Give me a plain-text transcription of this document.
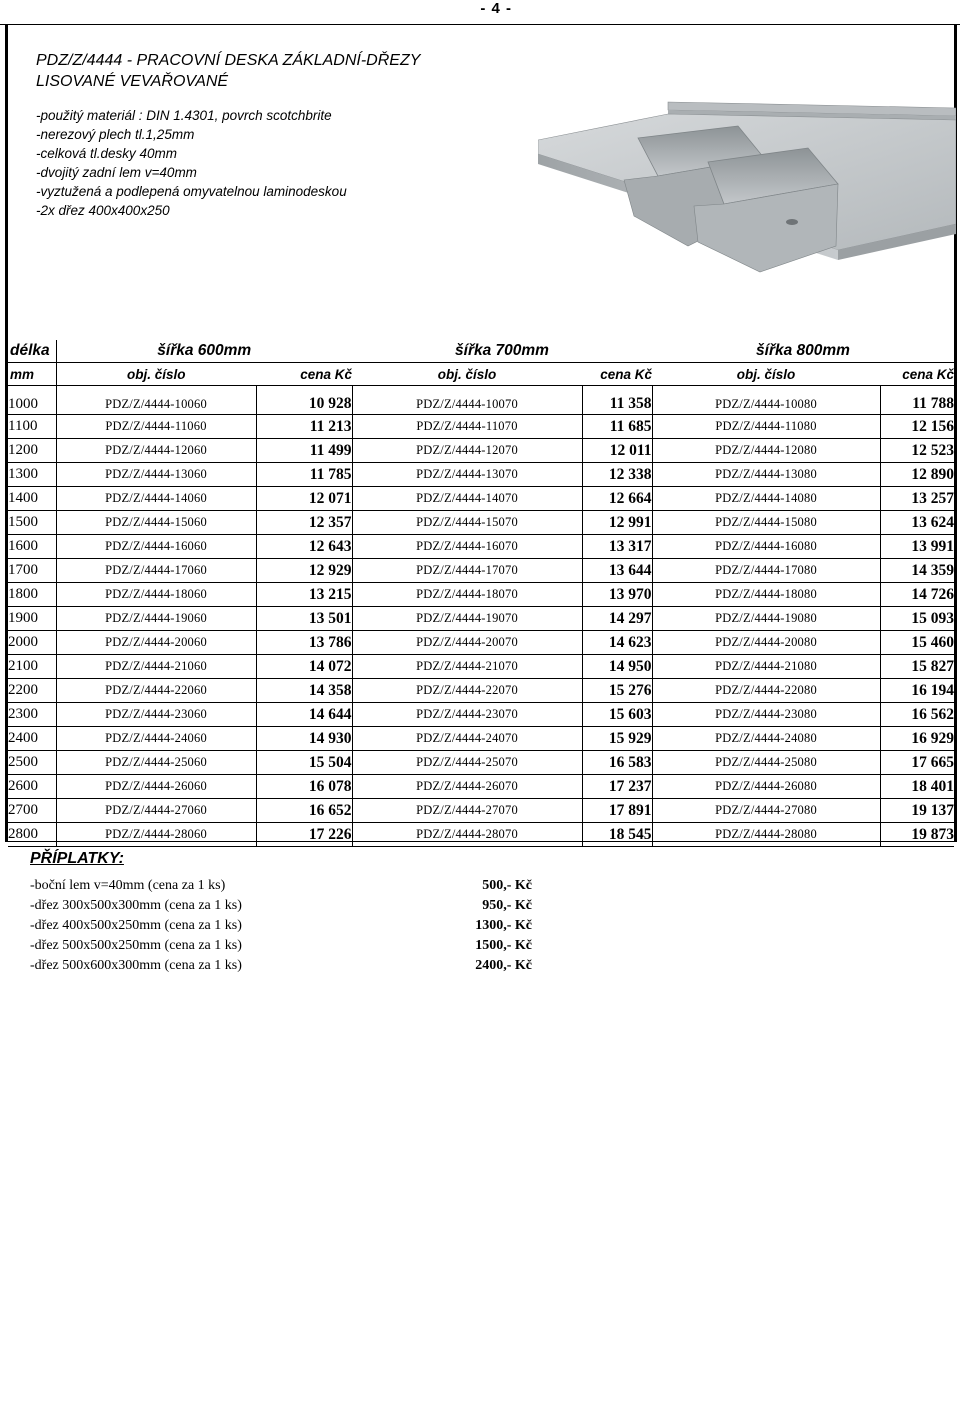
- 4 -
PDZ/Z/4444 - PRACOVNÍ DESKA ZÁKLADNÍ-DŘEZY
LISOVANÉ VEVAŘOVANÉ
-použitý materiál : DIN 1.4301, povrch scotchbrite
-nerezový plech tl.1,25mm
-celková tl.desky 40mm
-dvojitý zadní lem v=40mm
-vyztužená a podlepená omyvatelnou laminodeskou
-2x dřez 400x400x250
délka	šířka 600mm		šířka 700mm		šířka 800mm	
mm	obj. číslo	cena Kč	obj. číslo	cena Kč	obj. číslo	cena Kč
1000	PDZ/Z/4444-10060	10 928	PDZ/Z/4444-10070	11 358	PDZ/Z/4444-10080	11 788
1100	PDZ/Z/4444-11060	11 213	PDZ/Z/4444-11070	11 685	PDZ/Z/4444-11080	12 156
1200	PDZ/Z/4444-12060	11 499	PDZ/Z/4444-12070	12 011	PDZ/Z/4444-12080	12 523
1300	PDZ/Z/4444-13060	11 785	PDZ/Z/4444-13070	12 338	PDZ/Z/4444-13080	12 890
1400	PDZ/Z/4444-14060	12 071	PDZ/Z/4444-14070	12 664	PDZ/Z/4444-14080	13 257
1500	PDZ/Z/4444-15060	12 357	PDZ/Z/4444-15070	12 991	PDZ/Z/4444-15080	13 624
1600	PDZ/Z/4444-16060	12 643	PDZ/Z/4444-16070	13 317	PDZ/Z/4444-16080	13 991
1700	PDZ/Z/4444-17060	12 929	PDZ/Z/4444-17070	13 644	PDZ/Z/4444-17080	14 359
1800	PDZ/Z/4444-18060	13 215	PDZ/Z/4444-18070	13 970	PDZ/Z/4444-18080	14 726
1900	PDZ/Z/4444-19060	13 501	PDZ/Z/4444-19070	14 297	PDZ/Z/4444-19080	15 093
2000	PDZ/Z/4444-20060	13 786	PDZ/Z/4444-20070	14 623	PDZ/Z/4444-20080	15 460
2100	PDZ/Z/4444-21060	14 072	PDZ/Z/4444-21070	14 950	PDZ/Z/4444-21080	15 827
2200	PDZ/Z/4444-22060	14 358	PDZ/Z/4444-22070	15 276	PDZ/Z/4444-22080	16 194
2300	PDZ/Z/4444-23060	14 644	PDZ/Z/4444-23070	15 603	PDZ/Z/4444-23080	16 562
2400	PDZ/Z/4444-24060	14 930	PDZ/Z/4444-24070	15 929	PDZ/Z/4444-24080	16 929
2500	PDZ/Z/4444-25060	15 504	PDZ/Z/4444-25070	16 583	PDZ/Z/4444-25080	17 665
2600	PDZ/Z/4444-26060	16 078	PDZ/Z/4444-26070	17 237	PDZ/Z/4444-26080	18 401
2700	PDZ/Z/4444-27060	16 652	PDZ/Z/4444-27070	17 891	PDZ/Z/4444-27080	19 137
2800	PDZ/Z/4444-28060	17 226	PDZ/Z/4444-28070	18 545	PDZ/Z/4444-28080	19 873
PŘÍPLATKY:
-boční lem v=40mm (cena za 1 ks)	500,- Kč
-dřez 300x500x300mm (cena za 1 ks)	950,- Kč
-dřez 400x500x250mm (cena za 1 ks)	1300,- Kč
-dřez 500x500x250mm (cena za 1 ks)	1500,- Kč
-dřez 500x600x300mm (cena za 1 ks)	2400,- Kč
